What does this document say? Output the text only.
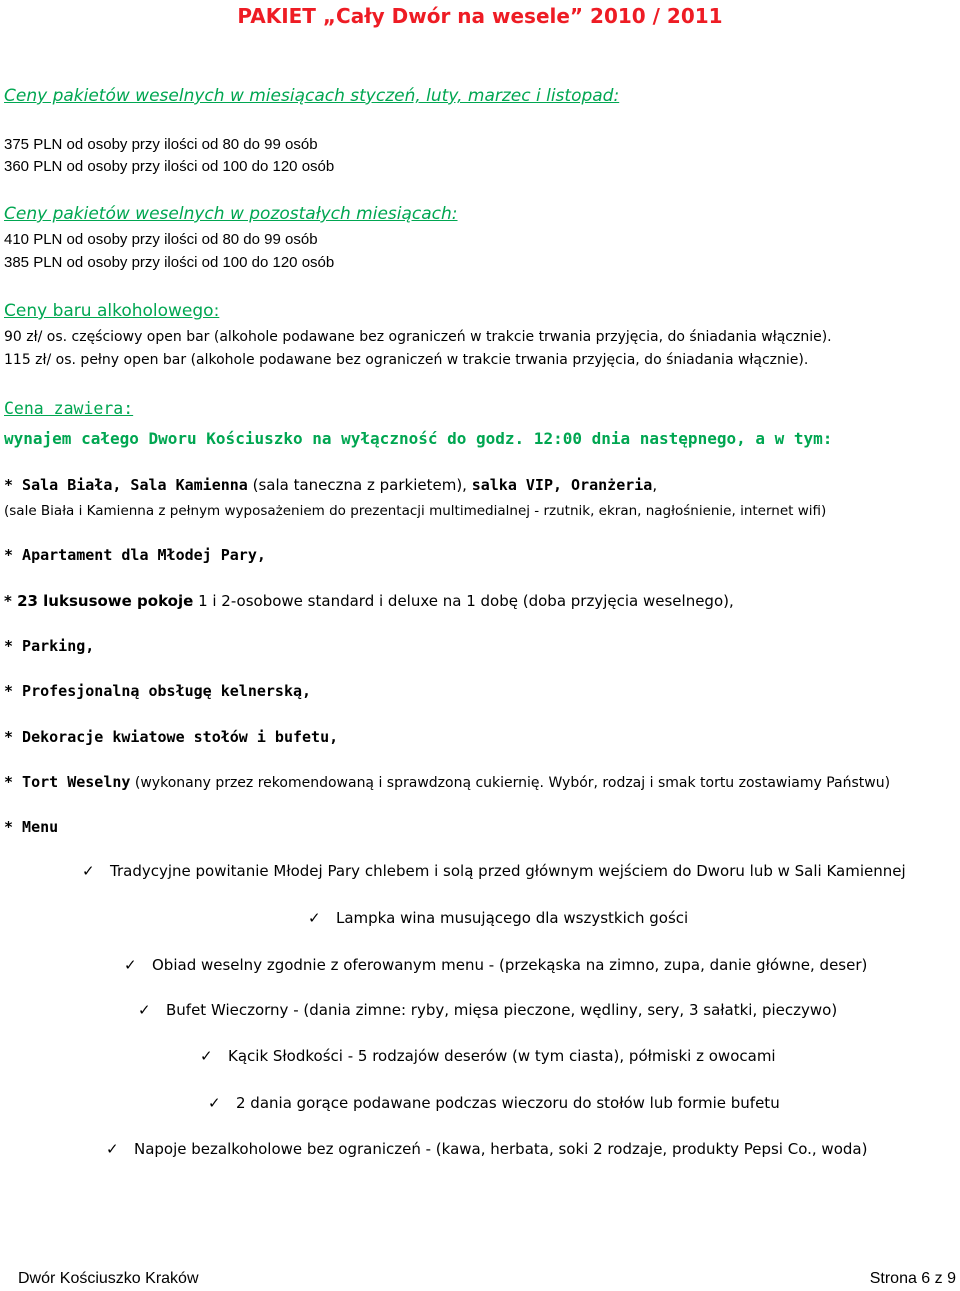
PAKIET „Cały Dwór na wesele” 2010 / 2011
Ceny pakietów weselnych w miesiącach styczeń, luty, marzec i listopad:
375 PLN od osoby przy ilości od 80 do 99 osób
360 PLN od osoby przy ilości od 100 do 120 osób
Ceny pakietów weselnych w pozostałych miesiącach:
410 PLN od osoby przy ilości od 80 do 99 osób
385 PLN od osoby przy ilości od 100 do 120 osób
Ceny baru alkoholowego:
90 zł/ os. częściowy open bar (alkohole podawane bez ograniczeń w trakcie trwania przyjęcia, do śniadania włącznie).
115 zł/ os. pełny open bar (alkohole podawane bez ograniczeń w trakcie trwania przyjęcia, do śniadania włącznie).
Cena zawiera:
wynajem całego Dworu Kościuszko na wyłączność do godz. 12:00 dnia następnego, a w tym:
* Sala Biała, Sala Kamienna (sala taneczna z parkietem), salka VIP, Oranżeria,
(sale Biała i Kamienna z pełnym wyposażeniem do prezentacji multimedialnej - rzutnik, ekran, nagłośnienie, internet wifi)
* Apartament dla Młodej Pary,
* 23 luksusowe pokoje 1 i 2-osobowe standard i deluxe na 1 dobę (doba przyjęcia weselnego),
* Parking,
* Profesjonalną obsługę kelnerską,
* Dekoracje kwiatowe stołów i bufetu,
* Tort Weselny (wykonany przez rekomendowaną i sprawdzoną cukiernię. Wybór, rodzaj i smak tortu zostawiamy Państwu)
* Menu
✓ Tradycyjne powitanie Młodej Pary chlebem i solą przed głównym wejściem do Dworu lub w Sali Kamiennej
✓ Lampka wina musującego dla wszystkich gości
✓ Obiad weselny zgodnie z oferowanym menu - (przekąska na zimno, zupa, danie główne, deser)
✓ Bufet Wieczorny - (dania zimne: ryby, mięsa pieczone, wędliny, sery, 3 sałatki, pieczywo)
✓ Kącik Słodkości - 5 rodzajów deserów (w tym ciasta), półmiski z owocami
✓ 2 dania gorące podawane podczas wieczoru do stołów lub formie bufetu
✓ Napoje bezalkoholowe bez ograniczeń - (kawa, herbata, soki 2 rodzaje, produkty Pepsi Co., woda)
Dwór Kościuszko Kraków	Strona 6 z 9
